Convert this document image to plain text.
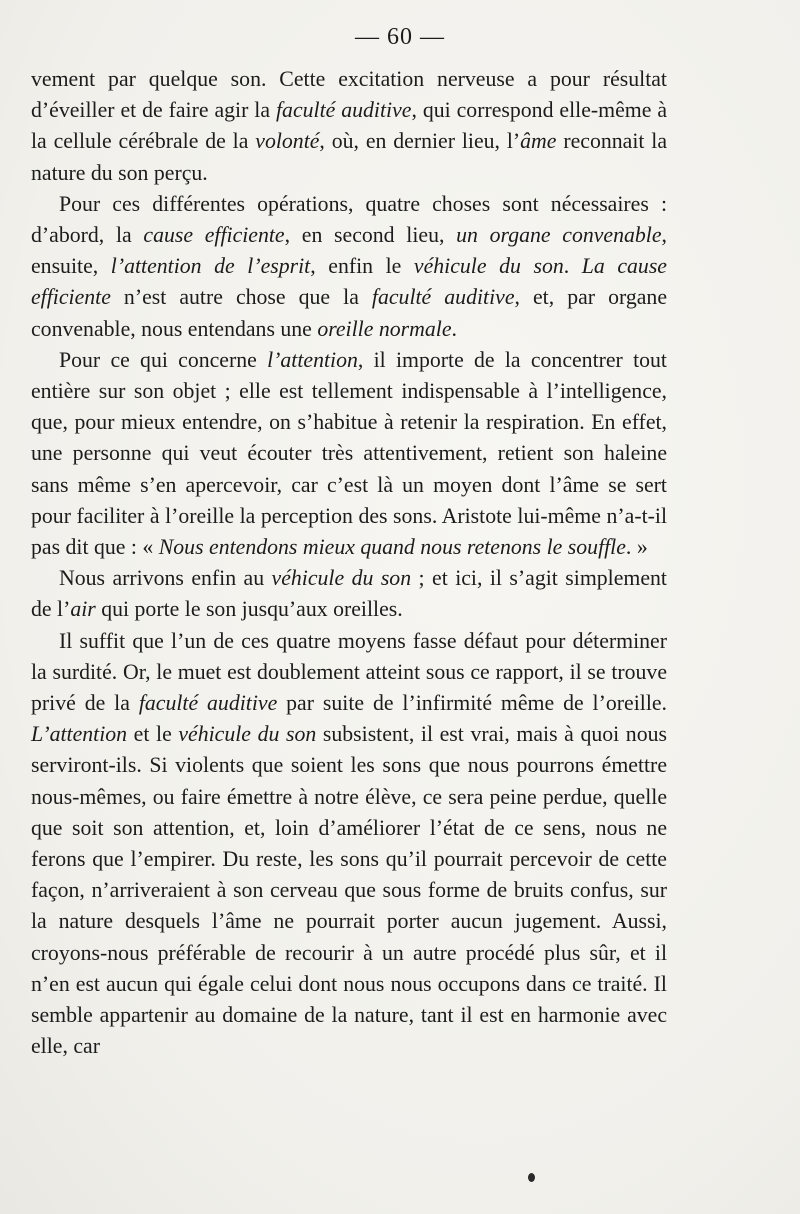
— 60 —

vement par quelque son. Cette excitation nerveuse a pour résultat d’éveiller et de faire agir la faculté auditive, qui correspond elle-même à la cellule cérébrale de la volonté, où, en dernier lieu, l’âme reconnait la nature du son perçu.

Pour ces différentes opérations, quatre choses sont nécessaires : d’abord, la cause efficiente, en second lieu, un organe convenable, ensuite, l’attention de l’esprit, enfin le véhicule du son. La cause efficiente n’est autre chose que la faculté auditive, et, par organe convenable, nous entendans une oreille normale.

Pour ce qui concerne l’attention, il importe de la concentrer tout entière sur son objet ; elle est tellement indispensable à l’intelligence, que, pour mieux entendre, on s’habitue à retenir la respiration. En effet, une personne qui veut écouter très attentivement, retient son haleine sans même s’en apercevoir, car c’est là un moyen dont l’âme se sert pour faciliter à l’oreille la perception des sons. Aristote lui-même n’a-t-il pas dit que : « Nous entendons mieux quand nous retenons le souffle. »

Nous arrivons enfin au véhicule du son ; et ici, il s’agit simplement de l’air qui porte le son jusqu’aux oreilles.

Il suffit que l’un de ces quatre moyens fasse défaut pour déterminer la surdité. Or, le muet est doublement atteint sous ce rapport, il se trouve privé de la faculté auditive par suite de l’infirmité même de l’oreille. L’attention et le véhicule du son subsistent, il est vrai, mais à quoi nous serviront-ils. Si violents que soient les sons que nous pourrons émettre nous-mêmes, ou faire émettre à notre élève, ce sera peine perdue, quelle que soit son attention, et, loin d’améliorer l’état de ce sens, nous ne ferons que l’empirer. Du reste, les sons qu’il pourrait percevoir de cette façon, n’arriveraient à son cerveau que sous forme de bruits confus, sur la nature desquels l’âme ne pourrait porter aucun jugement. Aussi, croyons-nous préférable de recourir à un autre procédé plus sûr, et il n’en est aucun qui égale celui dont nous nous occupons dans ce traité. Il semble appartenir au domaine de la nature, tant il est en harmonie avec elle, car
